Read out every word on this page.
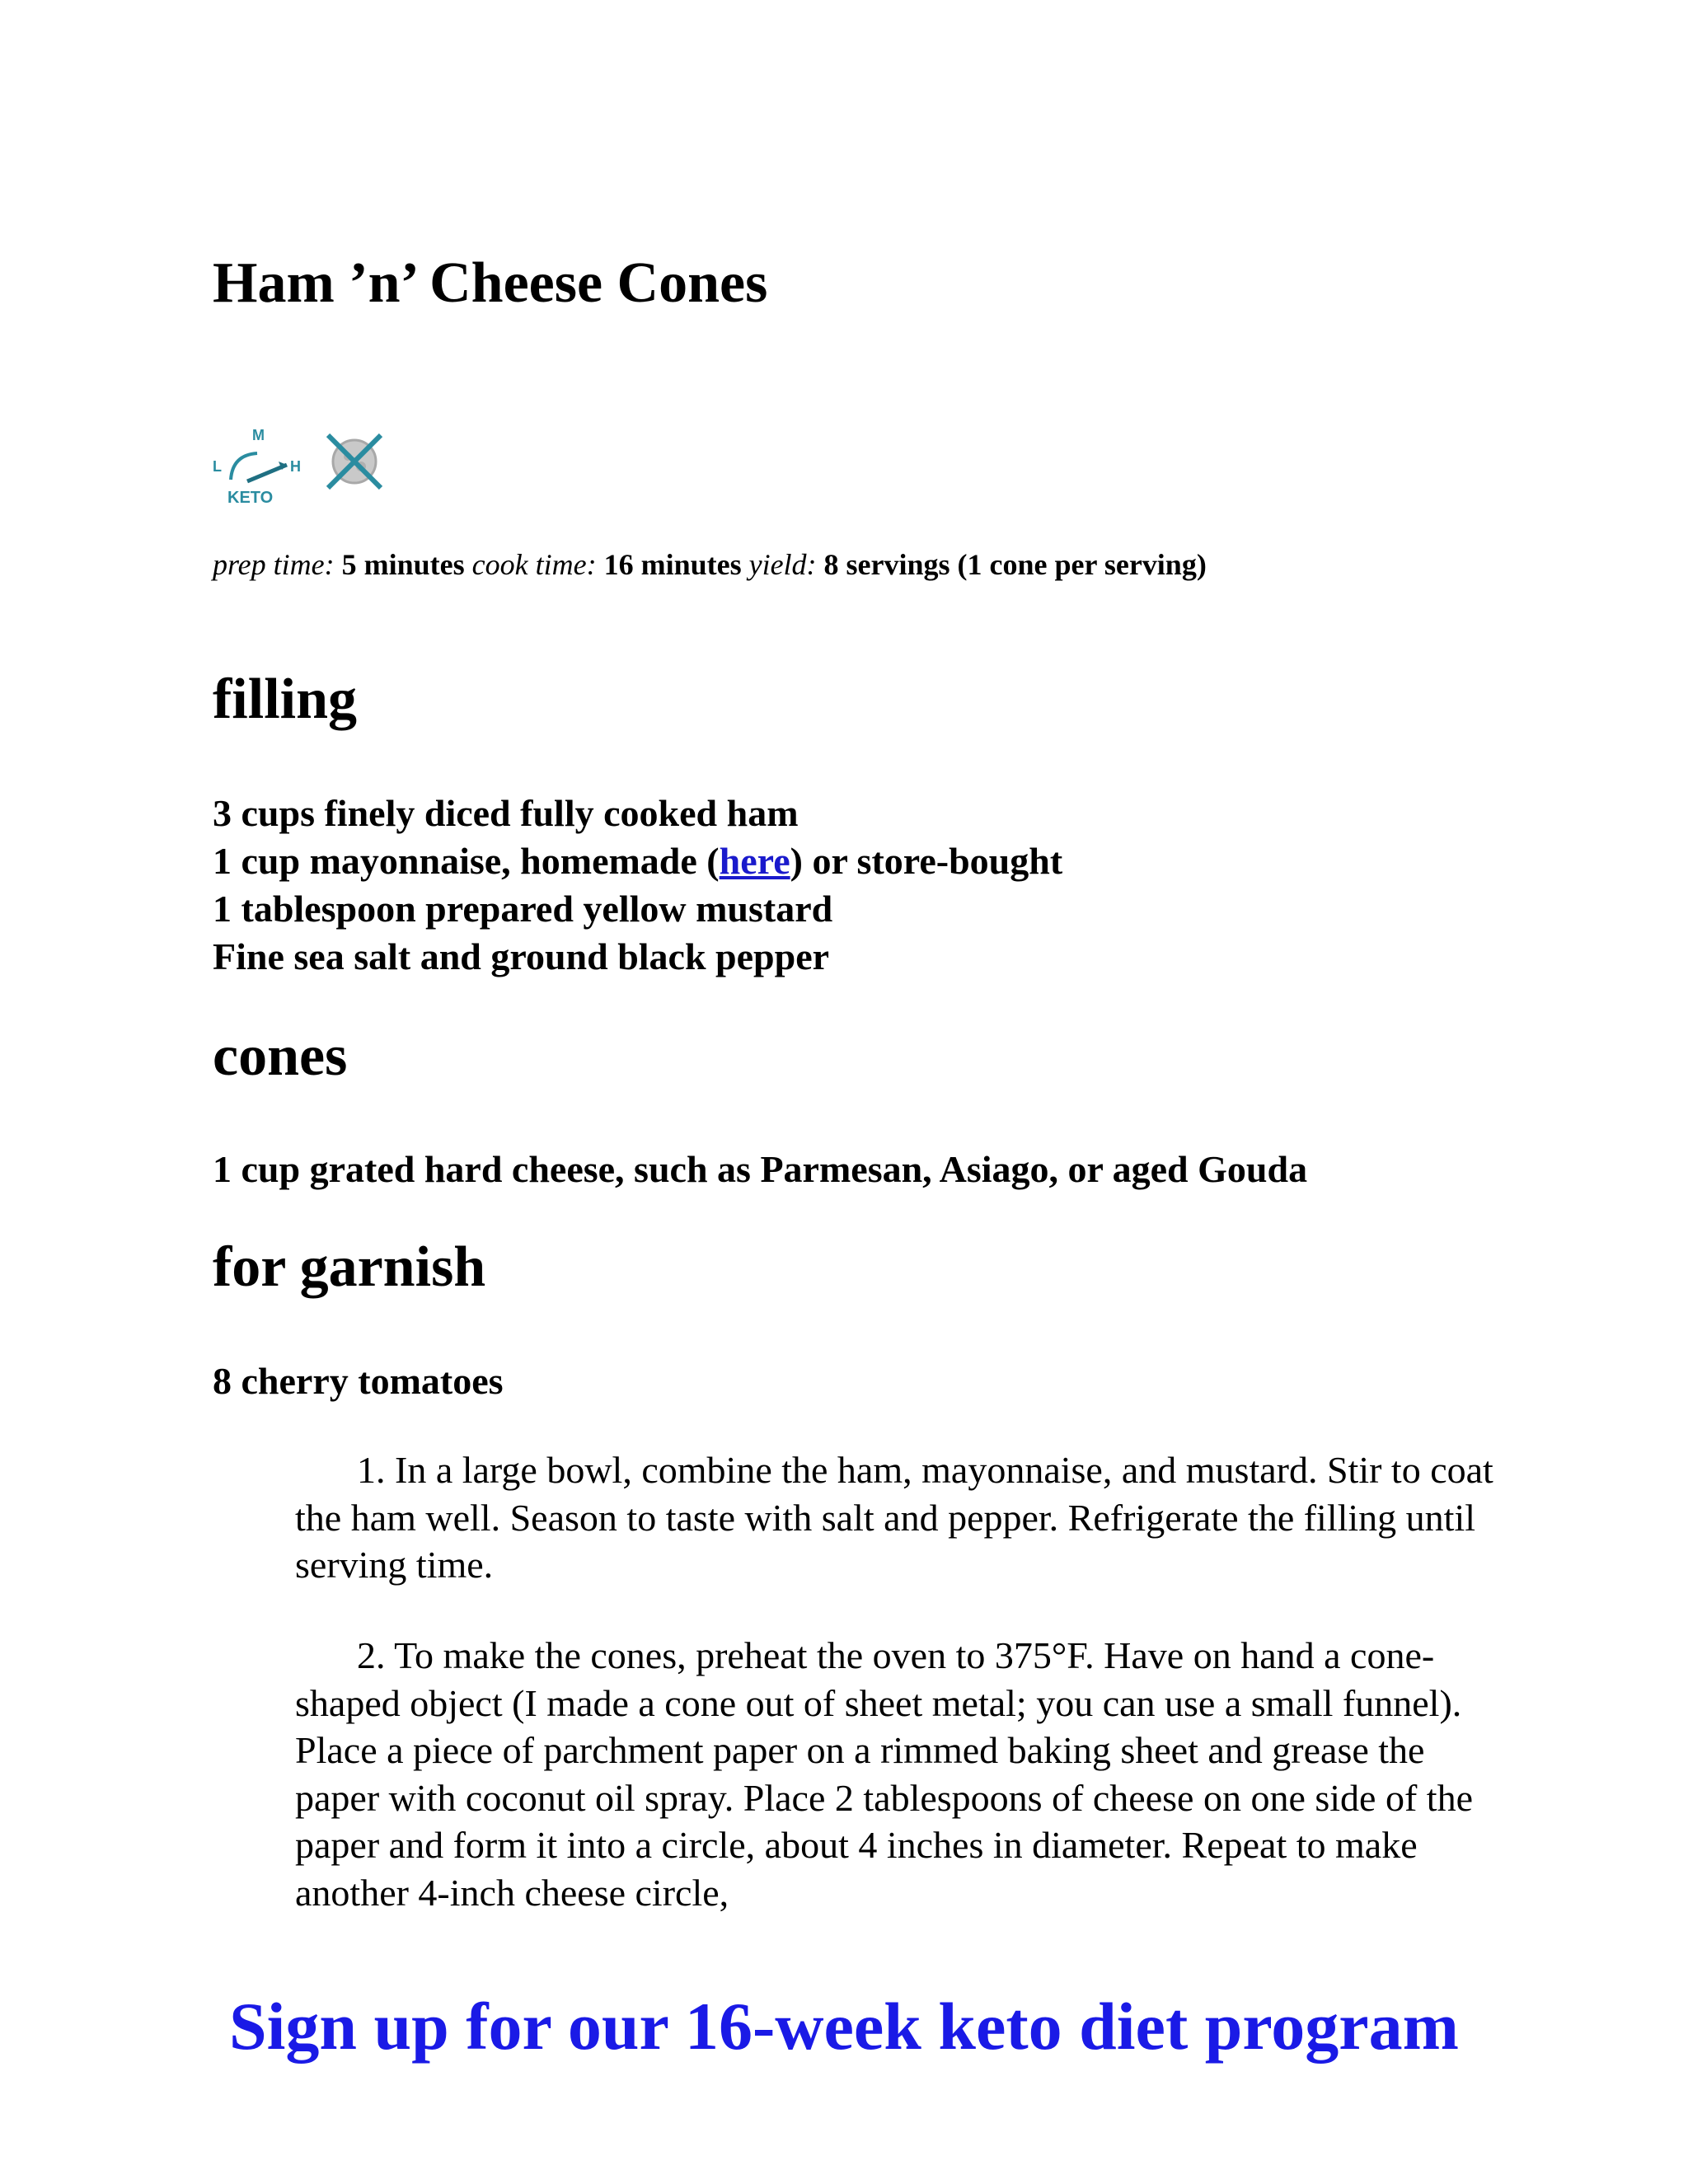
Ham ’n’ Cheese Cones
M
L	H
KETO
prep time: 5 minutes cook time: 16 minutes yield: 8 servings (1 cone per serving)
filling
3 cups finely diced fully cooked ham
1 cup mayonnaise, homemade (here) or store-bought
1 tablespoon prepared yellow mustard
Fine sea salt and ground black pepper
cones
1 cup grated hard cheese, such as Parmesan, Asiago, or aged Gouda
for garnish
8 cherry tomatoes

1. In a large bowl, combine the ham, mayonnaise, and mustard. Stir to coat the ham well. Season to taste with salt and pepper. Refrigerate the filling until serving time.

2. To make the cones, preheat the oven to 375°F. Have on hand a cone-shaped object (I made a cone out of sheet metal; you can use a small funnel). Place a piece of parchment paper on a rimmed baking sheet and grease the paper with coconut oil spray. Place 2 tablespoons of cheese on one side of the paper and form it into a circle, about 4 inches in diameter. Repeat to make another 4-inch cheese circle,

Sign up for our 16-week keto diet program
